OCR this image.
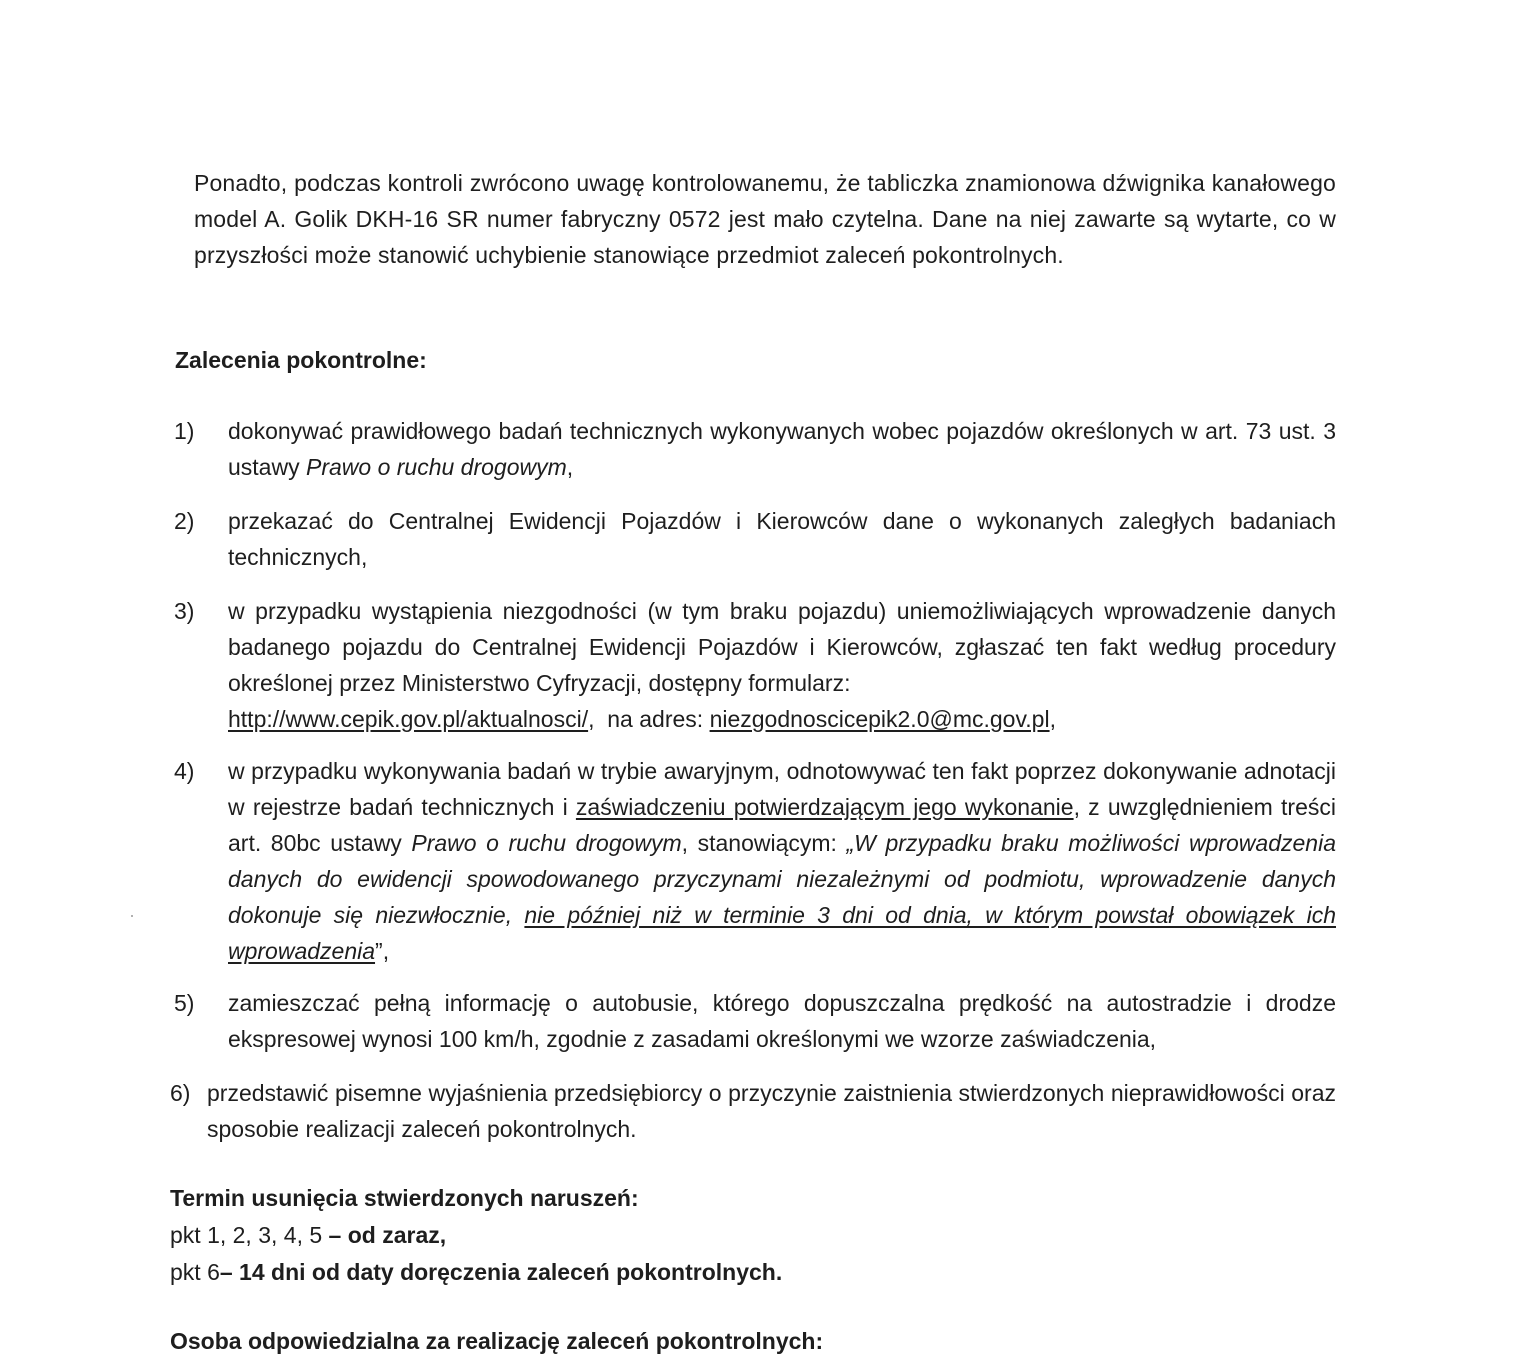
Ponadto, podczas kontroli zwrócono uwagę kontrolowanemu, że tabliczka znamionowa dźwignika kanałowego model A. Golik DKH-16 SR numer fabryczny 0572 jest mało czytelna. Dane na niej zawarte są wytarte, co w przyszłości może stanowić uchybienie stanowiące przedmiot zaleceń pokontrolnych.

Zalecenia pokontrolne:
1) dokonywać prawidłowego badań technicznych wykonywanych wobec pojazdów określonych w art. 73 ust. 3 ustawy Prawo o ruchu drogowym,
2) przekazać do Centralnej Ewidencji Pojazdów i Kierowców dane o wykonanych zaległych badaniach technicznych,
3) w przypadku wystąpienia niezgodności (w tym braku pojazdu) uniemożliwiających wprowadzenie danych badanego pojazdu do Centralnej Ewidencji Pojazdów i Kierowców, zgłaszać ten fakt według procedury określonej przez Ministerstwo Cyfryzacji, dostępny formularz:
http://www.cepik.gov.pl/aktualnosci/,  na adres: niezgodnoscicepik2.0@mc.gov.pl,
4) w przypadku wykonywania badań w trybie awaryjnym, odnotowywać ten fakt poprzez dokonywanie adnotacji w rejestrze badań technicznych i zaświadczeniu potwierdzającym jego wykonanie, z uwzględnieniem treści art. 80bc ustawy Prawo o ruchu drogowym, stanowiącym: „W przypadku braku możliwości wprowadzenia danych do ewidencji spowodowanego przyczynami niezależnymi od podmiotu, wprowadzenie danych dokonuje się niezwłocznie, nie później niż w terminie 3 dni od dnia, w którym powstał obowiązek ich wprowadzenia”,
5) zamieszczać pełną informację o autobusie, którego dopuszczalna prędkość na autostradzie i drodze ekspresowej wynosi 100 km/h, zgodnie z zasadami określonymi we wzorze zaświadczenia,
6) przedstawić pisemne wyjaśnienia przedsiębiorcy o przyczynie zaistnienia stwierdzonych nieprawidłowości oraz sposobie realizacji zaleceń pokontrolnych.
Termin usunięcia stwierdzonych naruszeń:
pkt 1, 2, 3, 4, 5 – od zaraz,
pkt 6– 14 dni od daty doręczenia zaleceń pokontrolnych.
Osoba odpowiedzialna za realizację zaleceń pokontrolnych:
